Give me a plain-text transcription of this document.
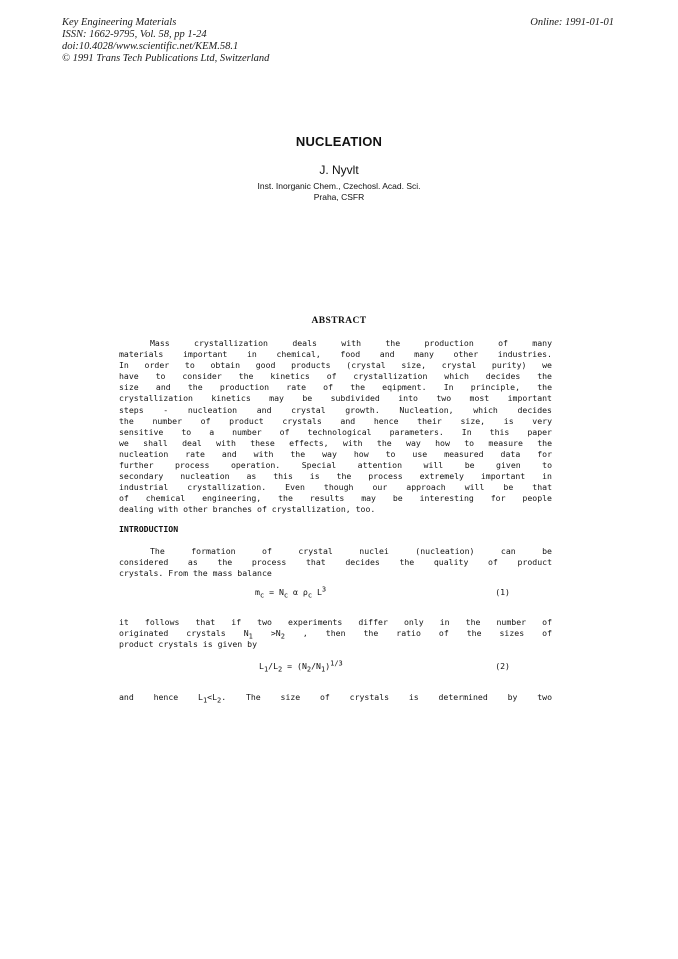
Key Engineering Materials
ISSN: 1662-9795, Vol. 58, pp 1-24
doi:10.4028/www.scientific.net/KEM.58.1
© 1991 Trans Tech Publications Ltd, Switzerland
Online: 1991-01-01
NUCLEATION
J. Nyvlt
Inst. Inorganic Chem., Czechosl. Acad. Sci.
Praha, CSFR
ABSTRACT
Mass crystallization deals with the production of many
materials important in chemical, food and many other industries.
In order to obtain good products (crystal size, crystal purity) we
have to consider the kinetics of crystallization which decides the
size and the production rate of the eqipment. In principle, the
crystallization kinetics may be subdivided into two most important
steps - nucleation and crystal growth. Nucleation, which decides
the number of product crystals and hence their size, is very
sensitive to a number of technological parameters. In this paper
we shall deal with these effects, with the way how to measure the
nucleation rate and with the way how to use measured data for
further process operation. Special attention will be given to
secondary nucleation as this is the process extremely important in
industrial crystallization. Even though our approach will be that
of chemical engineering, the results may be interesting for people
dealing with other branches of crystallization, too.
INTRODUCTION
The formation of crystal nuclei (nucleation) can be
considered as the process that decides the quality of product
crystals. From the mass balance
$m_c = N_c$ α $\rho_c$ $L^3$	(1)
it follows that if two experiments differ only in the number of
originated crystals $N_1 >N_2$ , then the ratio of the sizes of
product crystals is given by
$L_1/L_2 = (N_2/N_1)^{1/3}$	(2)
and hence $L_1<L_2$. The size of crystals is determined by two
